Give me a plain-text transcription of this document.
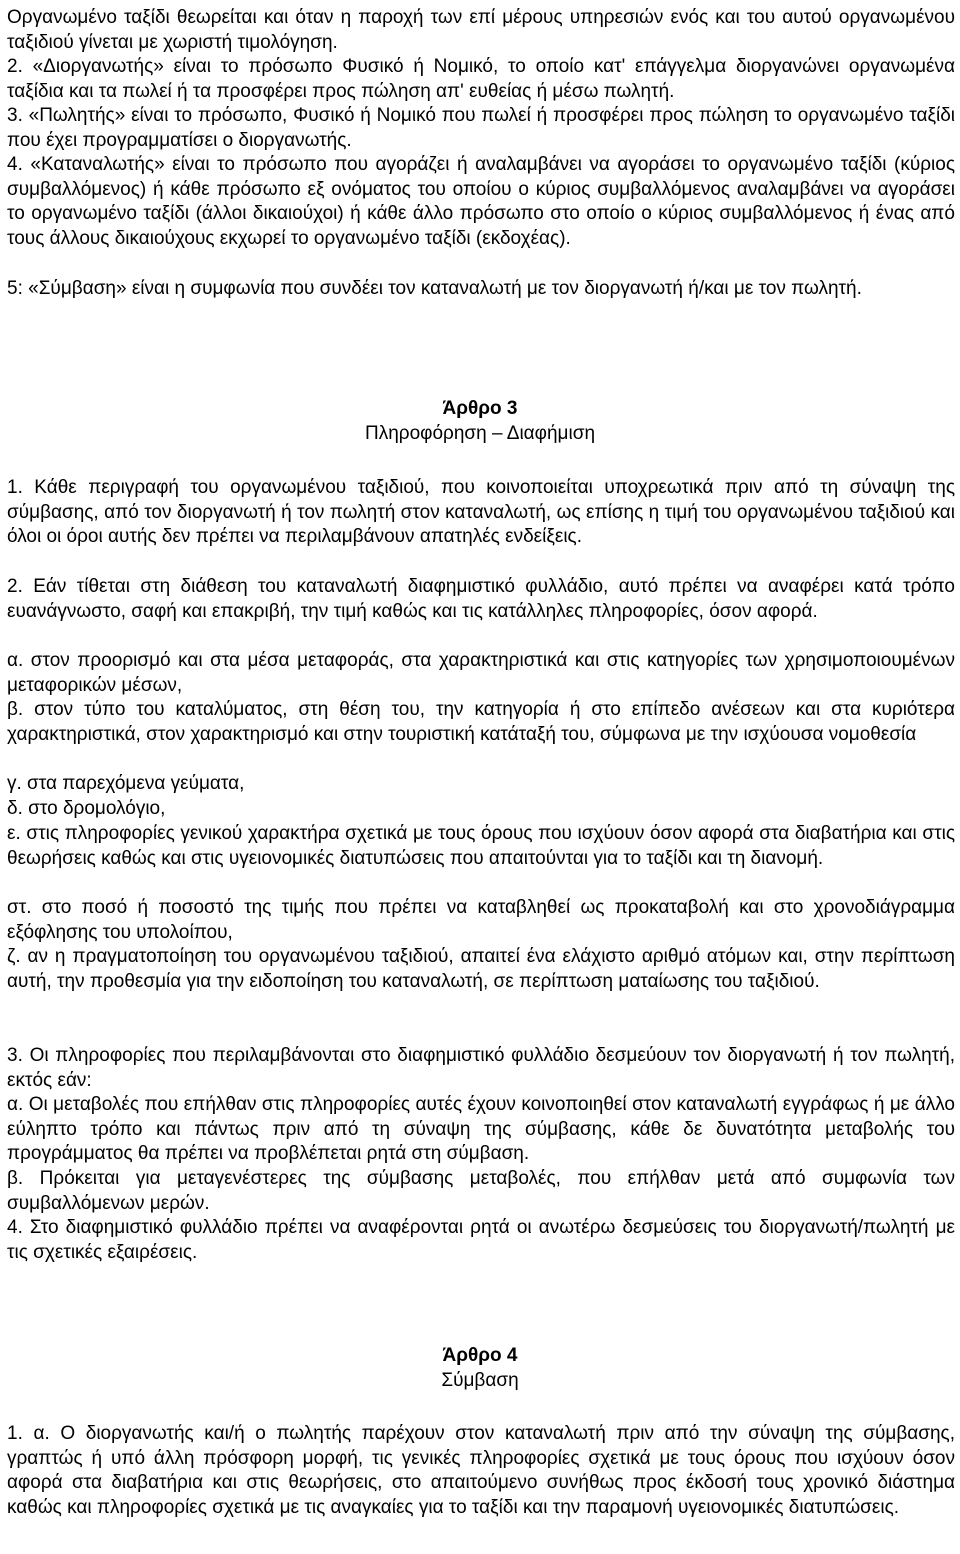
Οργανωμένο ταξίδι θεωρείται και όταν η παροχή των επί μέρους υπηρεσιών ενός και του αυτού οργανωμένου ταξιδιού γίνεται με χωριστή τιμολόγηση.

2. «Διοργανωτής» είναι το πρόσωπο Φυσικό ή Νομικό, το οποίο κατ' επάγγελμα διοργανώνει οργανωμένα ταξίδια και τα πωλεί ή τα προσφέρει προς πώληση απ' ευθείας ή μέσω πωλητή.

3. «Πωλητής» είναι το πρόσωπο, Φυσικό ή Νομικό που πωλεί ή προσφέρει προς πώληση το οργανωμένο ταξίδι που έχει προγραμματίσει ο διοργανωτής.

4. «Καταναλωτής» είναι το πρόσωπο που αγοράζει ή αναλαμβάνει να αγοράσει το οργανωμένο ταξίδι (κύριος συμβαλλόμενος) ή κάθε πρόσωπο εξ ονόματος του οποίου ο κύριος συμβαλλόμενος αναλαμβάνει να αγοράσει το οργανωμένο ταξίδι (άλλοι δικαιούχοι) ή κάθε άλλο πρόσωπο στο οποίο ο κύριος συμβαλλόμενος ή ένας από τους άλλους δικαιούχους εκχωρεί το οργανωμένο ταξίδι (εκδοχέας).

5: «Σύμβαση» είναι η συμφωνία που συνδέει τον καταναλωτή με τον διοργανωτή ή/και με τον πωλητή.

Άρθρο 3

Πληροφόρηση – Διαφήμιση

1. Κάθε περιγραφή του οργανωμένου ταξιδιού, που κοινοποιείται υποχρεωτικά πριν από τη σύναψη της σύμβασης, από τον διοργανωτή ή τον πωλητή στον καταναλωτή, ως επίσης η τιμή του οργανωμένου ταξιδιού και όλοι οι όροι αυτής δεν πρέπει να περιλαμβάνουν απατηλές ενδείξεις.

2. Εάν τίθεται στη διάθεση του καταναλωτή διαφημιστικό φυλλάδιο, αυτό πρέπει να αναφέρει κατά τρόπο ευανάγνωστο, σαφή και επακριβή, την τιμή καθώς και τις κατάλληλες πληροφορίες, όσον αφορά.

α. στον προορισμό και στα μέσα μεταφοράς, στα χαρακτηριστικά και στις κατηγορίες των χρησιμοποιουμένων μεταφορικών μέσων,

β. στον τύπο του καταλύματος, στη θέση του, την κατηγορία ή στο επίπεδο ανέσεων και στα κυριότερα χαρακτηριστικά, στον χαρακτηρισμό και στην τουριστική κατάταξή του, σύμφωνα με την ισχύουσα νομοθεσία

γ. στα παρεχόμενα γεύματα,

δ. στο δρομολόγιο,

ε. στις πληροφορίες γενικού χαρακτήρα σχετικά με τους όρους που ισχύουν όσον αφορά στα διαβατήρια και στις θεωρήσεις καθώς και στις υγειονομικές διατυπώσεις που απαιτούνται για το ταξίδι και τη διανομή.

στ. στο ποσό ή ποσοστό της τιμής που πρέπει να καταβληθεί ως προκαταβολή και στο χρονοδιάγραμμα εξόφλησης του υπολοίπου,

ζ. αν η πραγματοποίηση του οργανωμένου ταξιδιού, απαιτεί ένα ελάχιστο αριθμό ατόμων και, στην περίπτωση αυτή, την προθεσμία για την ειδοποίηση του καταναλωτή, σε περίπτωση ματαίωσης του ταξιδιού.

3. Οι πληροφορίες που περιλαμβάνονται στο διαφημιστικό φυλλάδιο δεσμεύουν τον διοργανωτή ή τον πωλητή, εκτός εάν:

α. Οι μεταβολές που επήλθαν στις πληροφορίες αυτές έχουν κοινοποιηθεί στον καταναλωτή εγγράφως ή με άλλο εύληπτο τρόπο και πάντως πριν από τη σύναψη της σύμβασης, κάθε δε δυνατότητα μεταβολής του προγράμματος θα πρέπει να προβλέπεται ρητά στη σύμβαση.

β. Πρόκειται για μεταγενέστερες της σύμβασης μεταβολές, που επήλθαν μετά από συμφωνία των συμβαλλόμενων μερών.

4. Στο διαφημιστικό φυλλάδιο πρέπει να αναφέρονται ρητά οι ανωτέρω δεσμεύσεις του διοργανωτή/πωλητή με τις σχετικές εξαιρέσεις.

Άρθρο 4

Σύμβαση

1. α. Ο διοργανωτής και/ή ο πωλητής παρέχουν στον καταναλωτή πριν από την σύναψη της σύμβασης, γραπτώς ή υπό άλλη πρόσφορη μορφή, τις γενικές πληροφορίες σχετικά με τους όρους που ισχύουν όσον αφορά στα διαβατήρια και στις θεωρήσεις, στο απαιτούμενο συνήθως προς έκδοσή τους χρονικό διάστημα καθώς και πληροφορίες σχετικά με τις αναγκαίες για το ταξίδι και την παραμονή υγειονομικές διατυπώσεις.
